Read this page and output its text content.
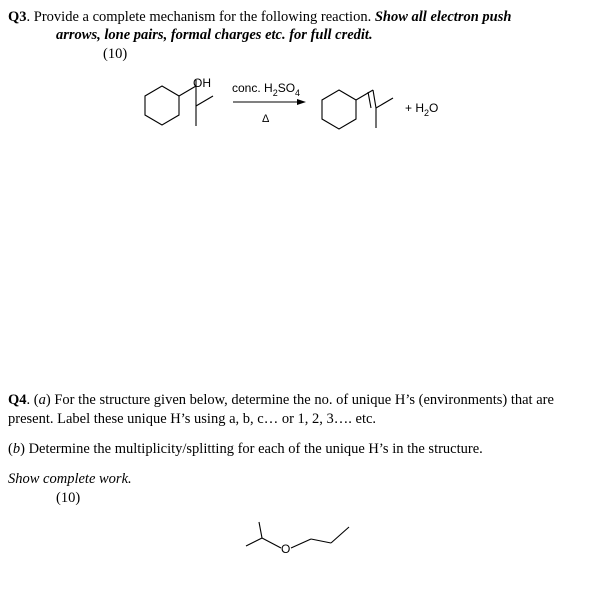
Q3. Provide a complete mechanism for the following reaction. Show all electron push
arrows, lone pairs, formal charges etc. for full credit.
(10)
OH conc. $H_2SO_4$
Δ
+ $H_2O$
Q4. (a) For the structure given below, determine the no. of unique H’s (environments) that are
present. Label these unique H’s using a, b, c… or 1, 2, 3…. etc.
(b) Determine the multiplicity/splitting for each of the unique H’s in the structure.
Show complete work.
(10)
O
